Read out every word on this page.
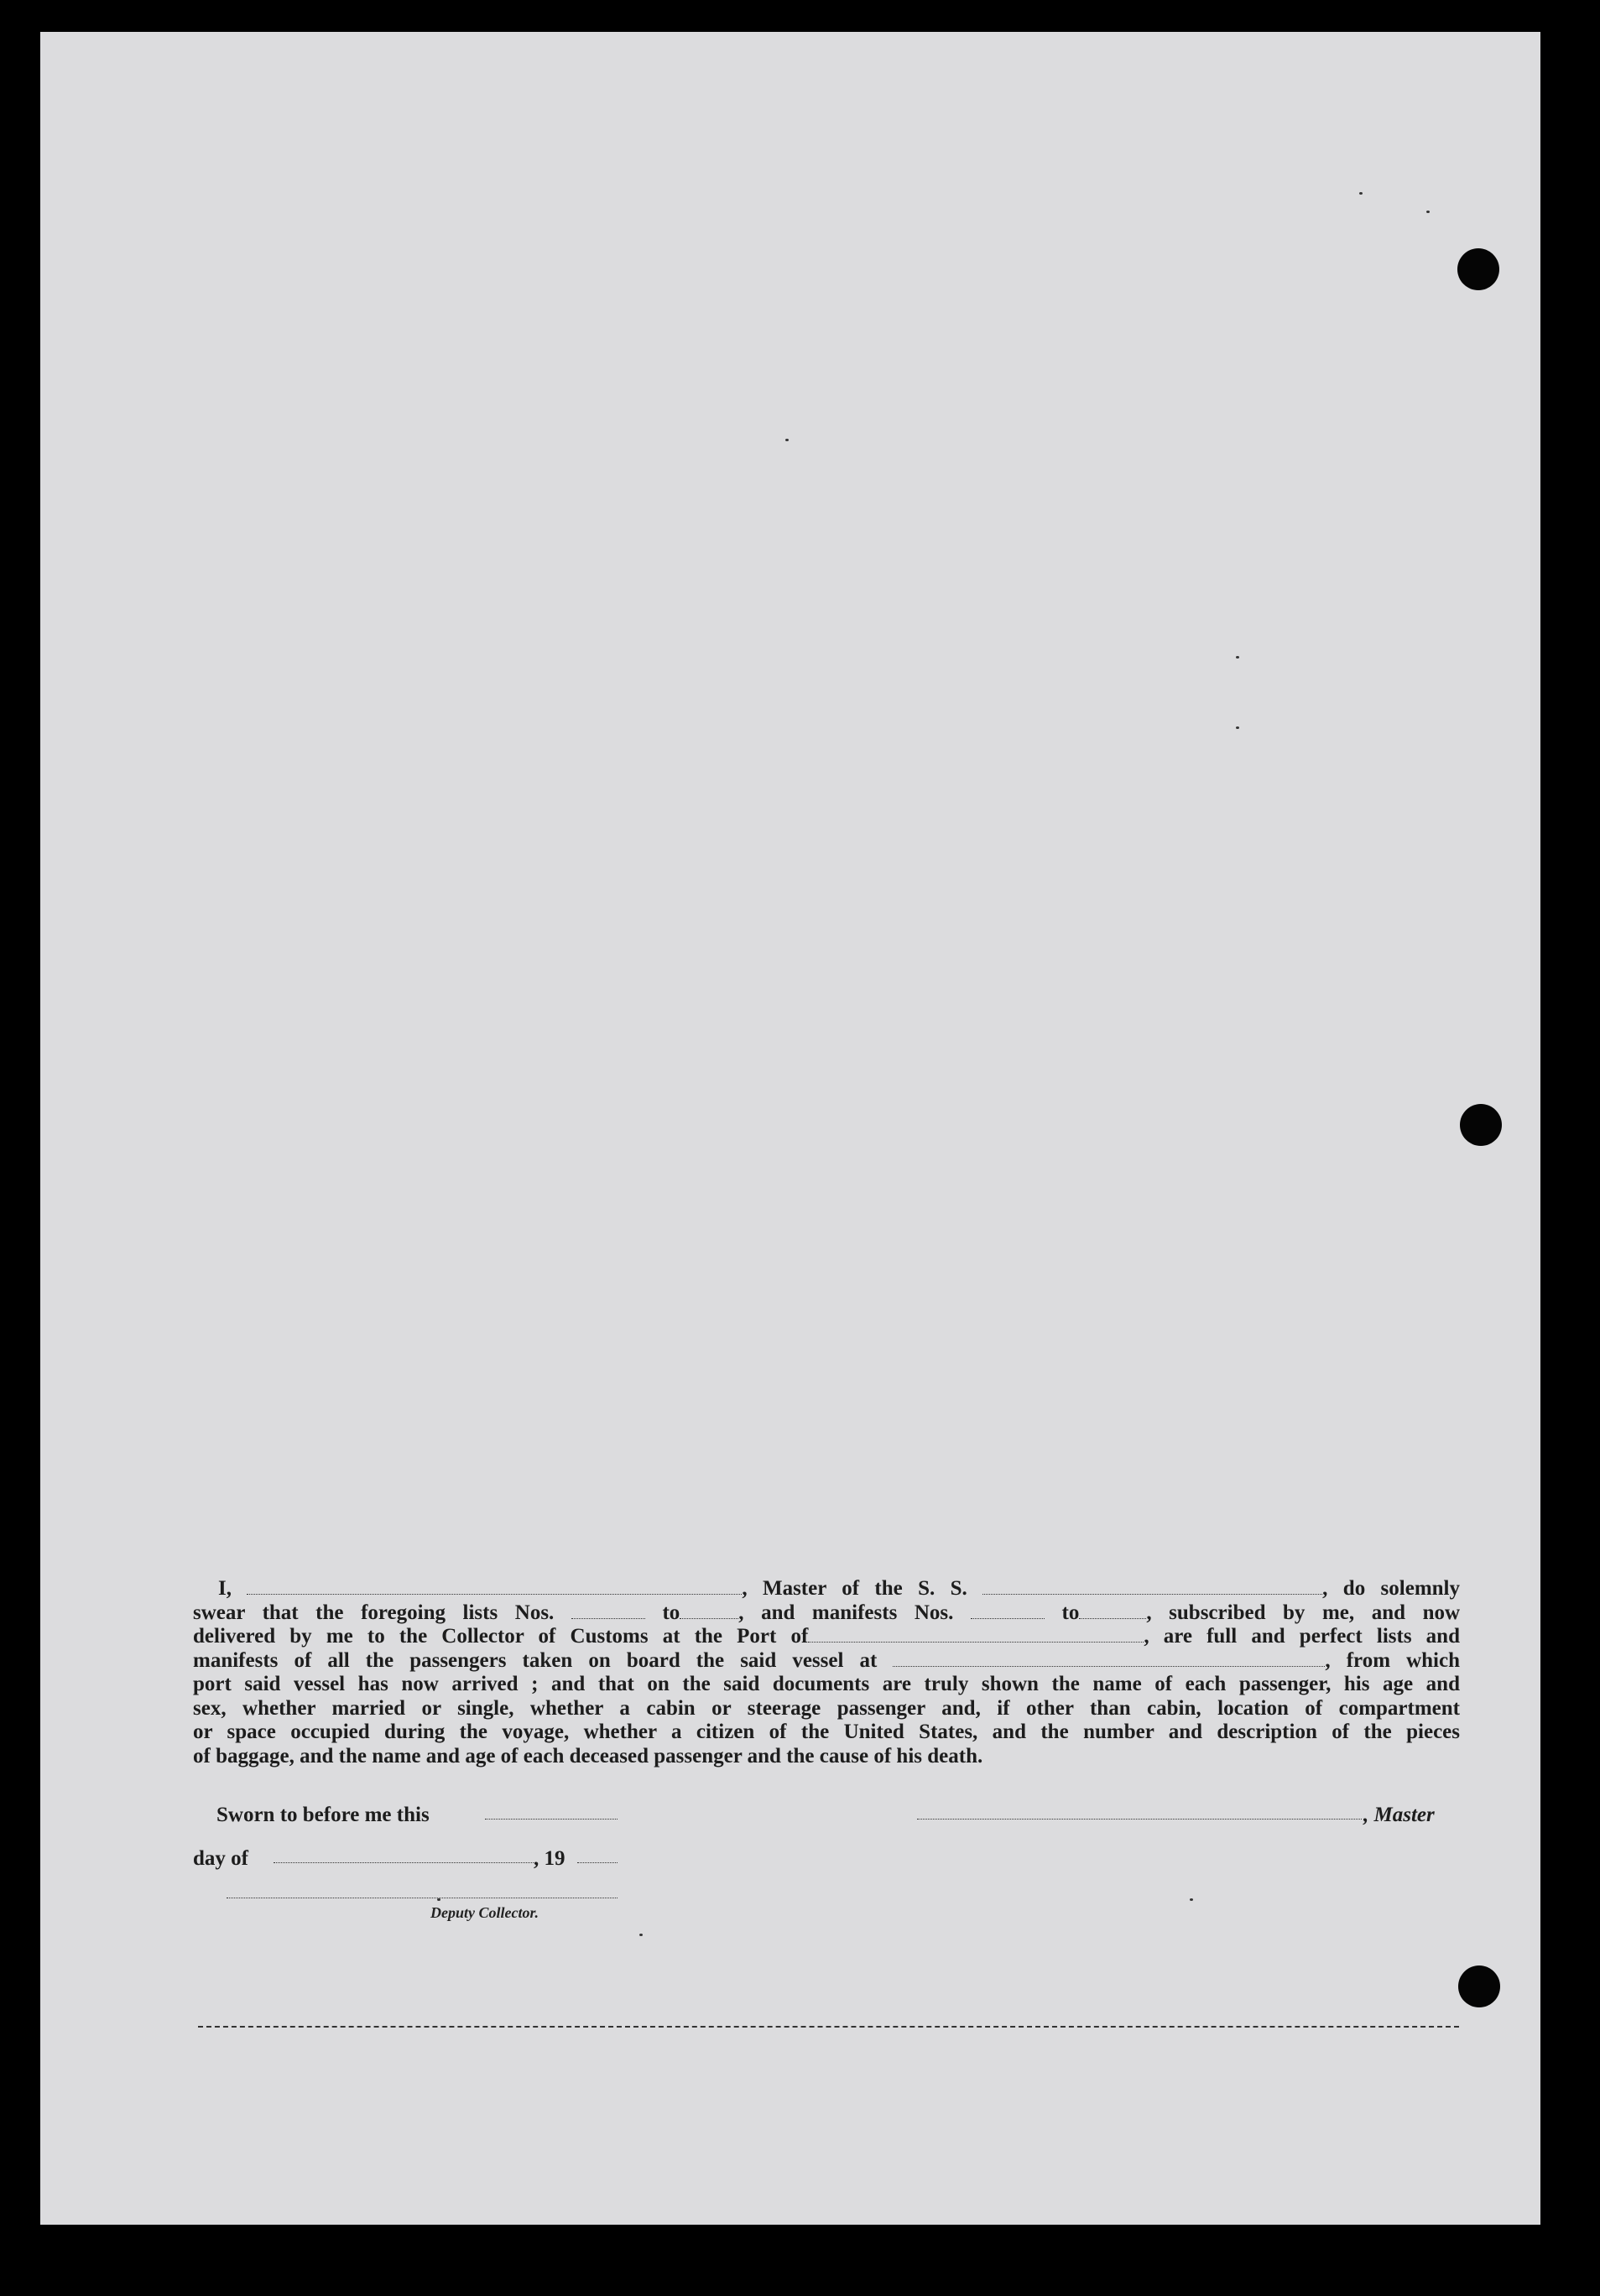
I,	, Master of the S. S.	, do solemnly
swear that the foregoing lists Nos.	to	, and manifests Nos.	to	, subscribed by me, and now
delivered by me to the Collector of Customs at the Port of	, are full and perfect lists and
manifests of all the passengers taken on board the said vessel at	, from which
port said vessel has now arrived ; and that on the said documents are truly shown the name of each passenger, his age and
sex, whether married or single, whether a cabin or steerage passenger and, if other than cabin, location of compartment
or space occupied during the voyage, whether a citizen of the United States, and the number and description of the pieces
of baggage, and the name and age of each deceased passenger and the cause of his death.
Sworn to before me this	, Master
day of	, 19
Deputy Collector.
